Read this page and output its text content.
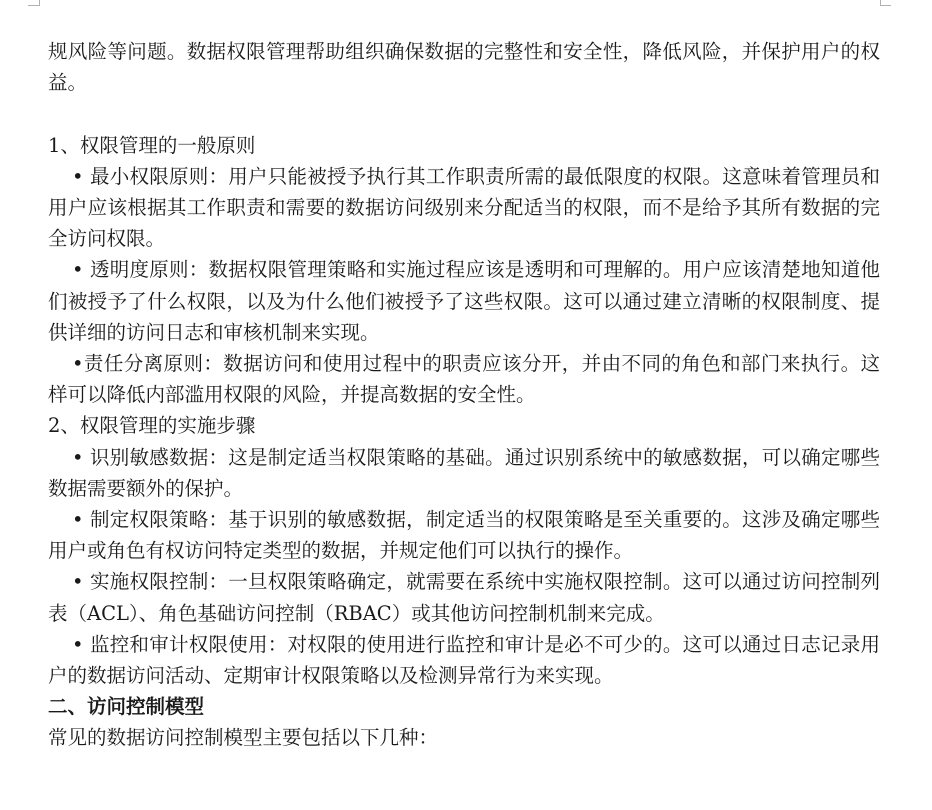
规风险等问题。数据权限管理帮助组织确保数据的完整性和安全性，降低风险，并保护用户的权益。

1、权限管理的一般原则

• 最小权限原则：用户只能被授予执行其工作职责所需的最低限度的权限。这意味着管理员和用户应该根据其工作职责和需要的数据访问级别来分配适当的权限，而不是给予其所有数据的完全访问权限。

• 透明度原则：数据权限管理策略和实施过程应该是透明和可理解的。用户应该清楚地知道他们被授予了什么权限，以及为什么他们被授予了这些权限。这可以通过建立清晰的权限制度、提供详细的访问日志和审核机制来实现。

•责任分离原则：数据访问和使用过程中的职责应该分开，并由不同的角色和部门来执行。这样可以降低内部滥用权限的风险，并提高数据的安全性。

2、权限管理的实施步骤

• 识别敏感数据：这是制定适当权限策略的基础。通过识别系统中的敏感数据，可以确定哪些数据需要额外的保护。

• 制定权限策略：基于识别的敏感数据，制定适当的权限策略是至关重要的。这涉及确定哪些用户或角色有权访问特定类型的数据，并规定他们可以执行的操作。

• 实施权限控制：一旦权限策略确定，就需要在系统中实施权限控制。这可以通过访问控制列表（ACL）、角色基础访问控制（RBAC）或其他访问控制机制来完成。

• 监控和审计权限使用：对权限的使用进行监控和审计是必不可少的。这可以通过日志记录用户的数据访问活动、定期审计权限策略以及检测异常行为来实现。

二、访问控制模型

常见的数据访问控制模型主要包括以下几种：
